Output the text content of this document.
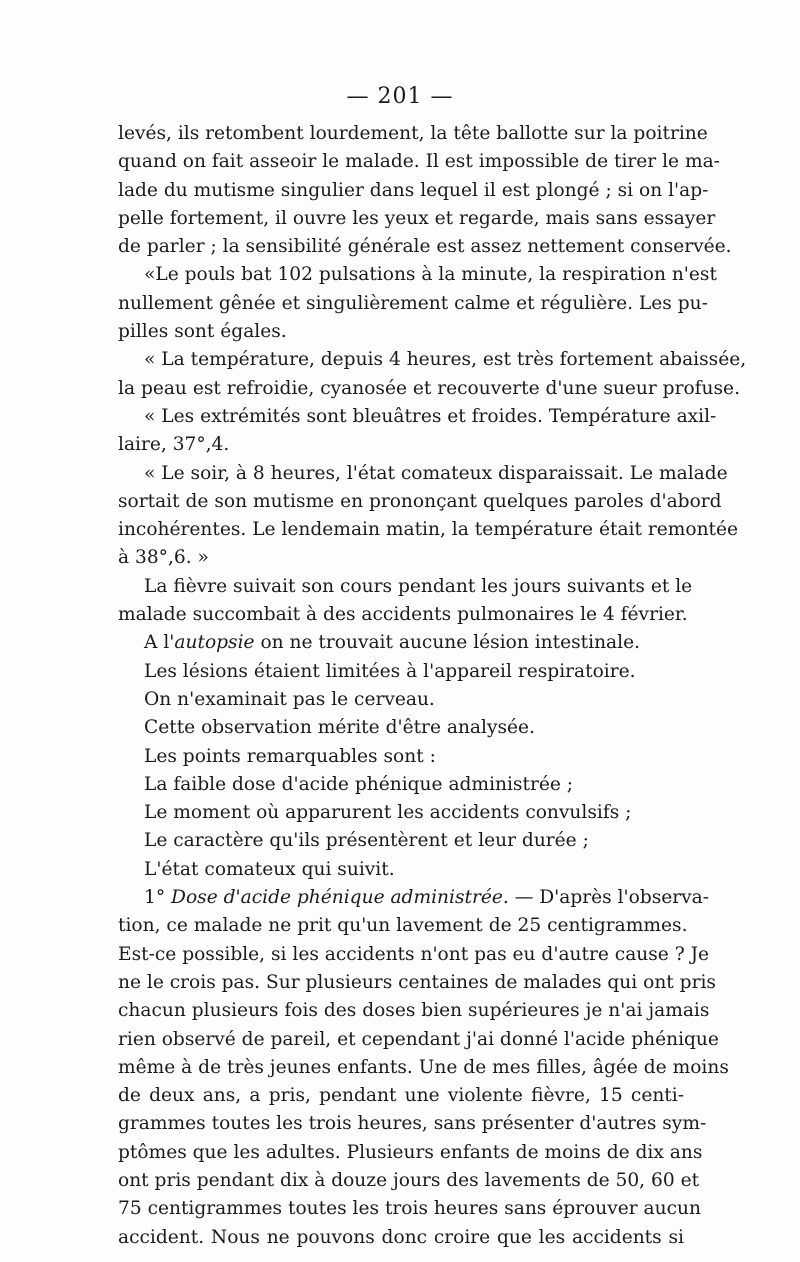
— 201 —
levés, ils retombent lourdement, la tête ballotte sur la poitrine
quand on fait asseoir le malade. Il est impossible de tirer le ma-
lade du mutisme singulier dans lequel il est plongé ; si on l'ap-
pelle fortement, il ouvre les yeux et regarde, mais sans essayer
de parler ; la sensibilité générale est assez nettement conservée.
«Le pouls bat 102 pulsations à la minute, la respiration n'est
nullement gênée et singulièrement calme et régulière. Les pu-
pilles sont égales.
« La température, depuis 4 heures, est très fortement abaissée,
la peau est refroidie, cyanosée et recouverte d'une sueur profuse.
« Les extrémités sont bleuâtres et froides. Température axil-
laire, 37°,4.
« Le soir, à 8 heures, l'état comateux disparaissait. Le malade
sortait de son mutisme en prononçant quelques paroles d'abord
incohérentes. Le lendemain matin, la température était remontée
à 38°,6. »
La fièvre suivait son cours pendant les jours suivants et le
malade succombait à des accidents pulmonaires le 4 février.
A l'autopsie on ne trouvait aucune lésion intestinale.
Les lésions étaient limitées à l'appareil respiratoire.
On n'examinait pas le cerveau.
Cette observation mérite d'être analysée.
Les points remarquables sont :
La faible dose d'acide phénique administrée ;
Le moment où apparurent les accidents convulsifs ;
Le caractère qu'ils présentèrent et leur durée ;
L'état comateux qui suivit.
1° Dose d'acide phénique administrée. — D'après l'observa-
tion, ce malade ne prit qu'un lavement de 25 centigrammes.
Est-ce possible, si les accidents n'ont pas eu d'autre cause ? Je
ne le crois pas. Sur plusieurs centaines de malades qui ont pris
chacun plusieurs fois des doses bien supérieures je n'ai jamais
rien observé de pareil, et cependant j'ai donné l'acide phénique
même à de très jeunes enfants. Une de mes filles, âgée de moins
de deux ans, a pris, pendant une violente fièvre, 15 centi-
grammes toutes les trois heures, sans présenter d'autres sym-
ptômes que les adultes. Plusieurs enfants de moins de dix ans
ont pris pendant dix à douze jours des lavements de 50, 60 et
75 centigrammes toutes les trois heures sans éprouver aucun
accident. Nous ne pouvons donc croire que les accidents si
